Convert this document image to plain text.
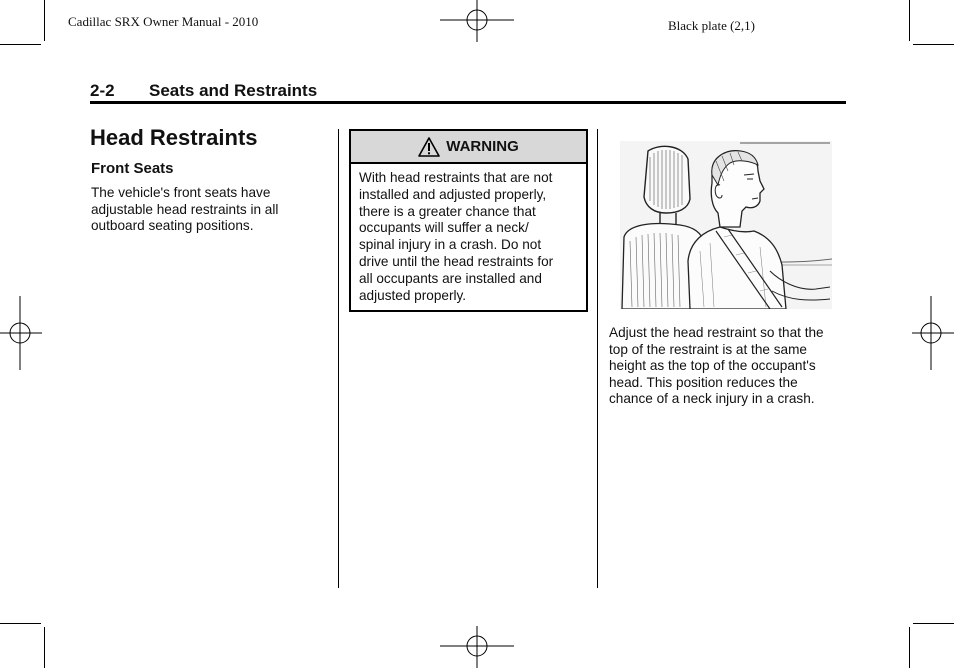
Cadillac SRX Owner Manual - 2010	Black plate (2,1)
2-2 Seats and Restraints
Head Restraints
Front Seats
The vehicle's front seats have
adjustable head restraints in all
outboard seating positions.
WARNING
With head restraints that are not
installed and adjusted properly,
there is a greater chance that
occupants will suffer a neck/
spinal injury in a crash. Do not
drive until the head restraints for
all occupants are installed and
adjusted properly.
Adjust the head restraint so that the
top of the restraint is at the same
height as the top of the occupant's
head. This position reduces the
chance of a neck injury in a crash.
